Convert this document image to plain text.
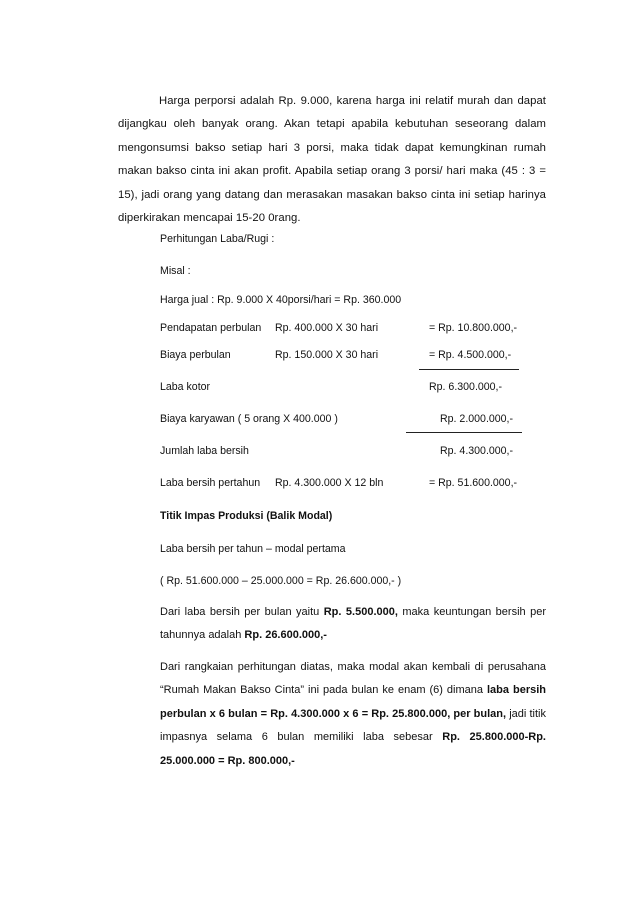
Harga perporsi adalah Rp. 9.000, karena harga ini relatif murah dan dapat dijangkau oleh banyak orang. Akan tetapi apabila kebutuhan seseorang dalam mengonsumsi bakso setiap hari 3 porsi, maka tidak dapat kemungkinan rumah makan bakso cinta ini akan profit. Apabila setiap orang 3 porsi/ hari maka (45 : 3 = 15), jadi orang yang datang dan merasakan masakan bakso cinta ini setiap harinya diperkirakan mencapai 15-20 0rang.

Perhitungan Laba/Rugi :
Misal :
Harga jual : Rp. 9.000 X 40porsi/hari = Rp. 360.000
Pendapatan perbulan Rp. 400.000 X 30 hari	= Rp. 10.800.000,-
Biaya perbulan	Rp. 150.000 X 30 hari	= Rp. 4.500.000,-
Laba kotor	Rp. 6.300.000,-
Biaya karyawan ( 5 orang X 400.000 )	Rp. 2.000.000,-
Jumlah laba bersih	Rp. 4.300.000,-
Laba bersih pertahun Rp. 4.300.000 X 12 bln	= Rp. 51.600.000,-
Titik Impas Produksi (Balik Modal)
Laba bersih per tahun – modal pertama
( Rp. 51.600.000 – 25.000.000 = Rp. 26.600.000,- )

Dari laba bersih per bulan yaitu Rp. 5.500.000, maka keuntungan bersih per tahunnya adalah Rp. 26.600.000,-

Dari rangkaian perhitungan diatas, maka modal akan kembali di perusahana “Rumah Makan Bakso Cinta” ini pada bulan ke enam (6) dimana laba bersih perbulan x 6 bulan = Rp. 4.300.000 x 6 = Rp. 25.800.000, per bulan, jadi titik impasnya selama 6 bulan memiliki laba sebesar Rp. 25.800.000-Rp. 25.000.000 = Rp. 800.000,-
